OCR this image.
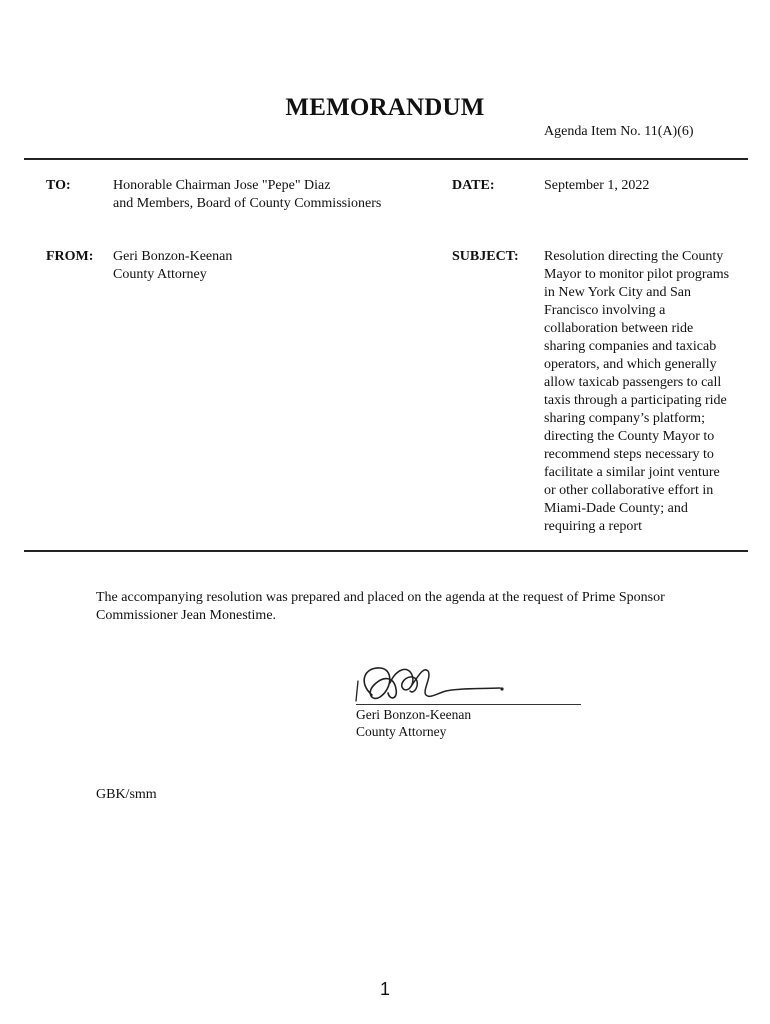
MEMORANDUM
Agenda Item No. 11(A)(6)
TO:	Honorable Chairman Jose "Pepe" Diaz
and Members, Board of County Commissioners
DATE:	September 1, 2022
FROM: Geri Bonzon-Keenan
County Attorney
SUBJECT: Resolution directing the County
Mayor to monitor pilot programs
in New York City and San
Francisco involving a
collaboration between ride
sharing companies and taxicab
operators, and which generally
allow taxicab passengers to call
taxis through a participating ride
sharing company’s platform;
directing the County Mayor to
recommend steps necessary to
facilitate a similar joint venture
or other collaborative effort in
Miami-Dade County; and
requiring a report
The accompanying resolution was prepared and placed on the agenda at the request of Prime Sponsor
Commissioner Jean Monestime.
Geri Bonzon-Keenan
County Attorney
GBK/smm
1
